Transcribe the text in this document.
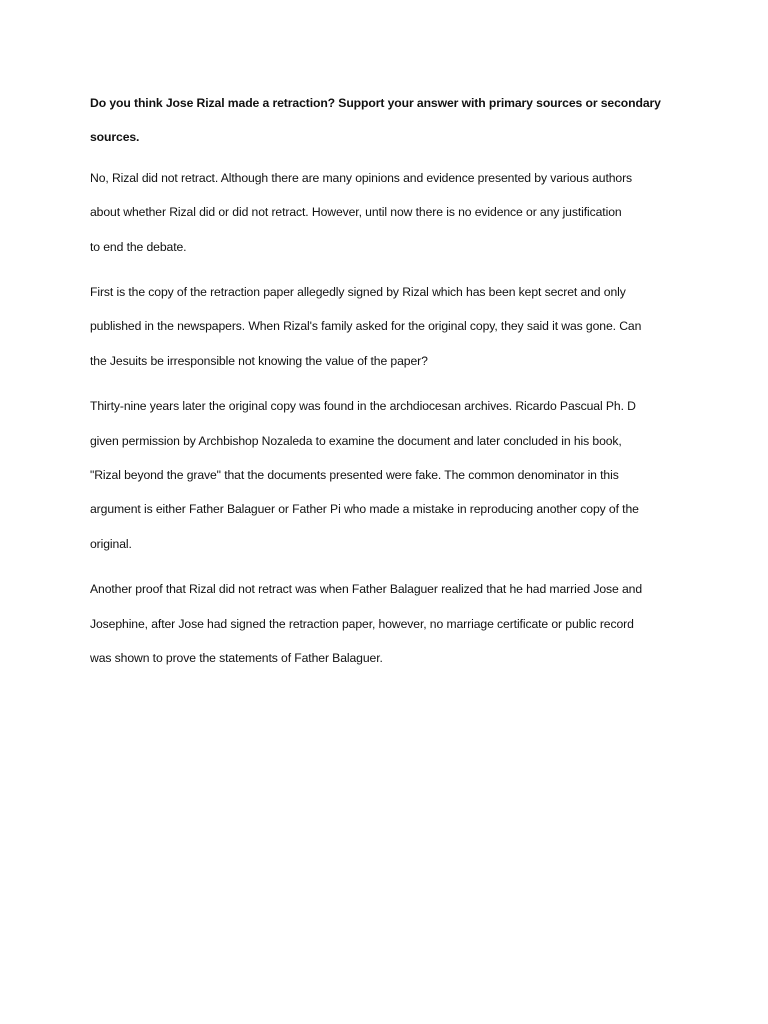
Do you think Jose Rizal made a retraction? Support your answer with primary sources or secondary
sources.

No, Rizal did not retract. Although there are many opinions and evidence presented by various authors
about whether Rizal did or did not retract. However, until now there is no evidence or any justification
to end the debate.

First is the copy of the retraction paper allegedly signed by Rizal which has been kept secret and only
published in the newspapers. When Rizal's family asked for the original copy, they said it was gone. Can
the Jesuits be irresponsible not knowing the value of the paper?

Thirty-nine years later the original copy was found in the archdiocesan archives. Ricardo Pascual Ph. D
given permission by Archbishop Nozaleda to examine the document and later concluded in his book,
"Rizal beyond the grave" that the documents presented were fake. The common denominator in this
argument is either Father Balaguer or Father Pi who made a mistake in reproducing another copy of the
original.

Another proof that Rizal did not retract was when Father Balaguer realized that he had married Jose and
Josephine, after Jose had signed the retraction paper, however, no marriage certificate or public record
was shown to prove the statements of Father Balaguer.
